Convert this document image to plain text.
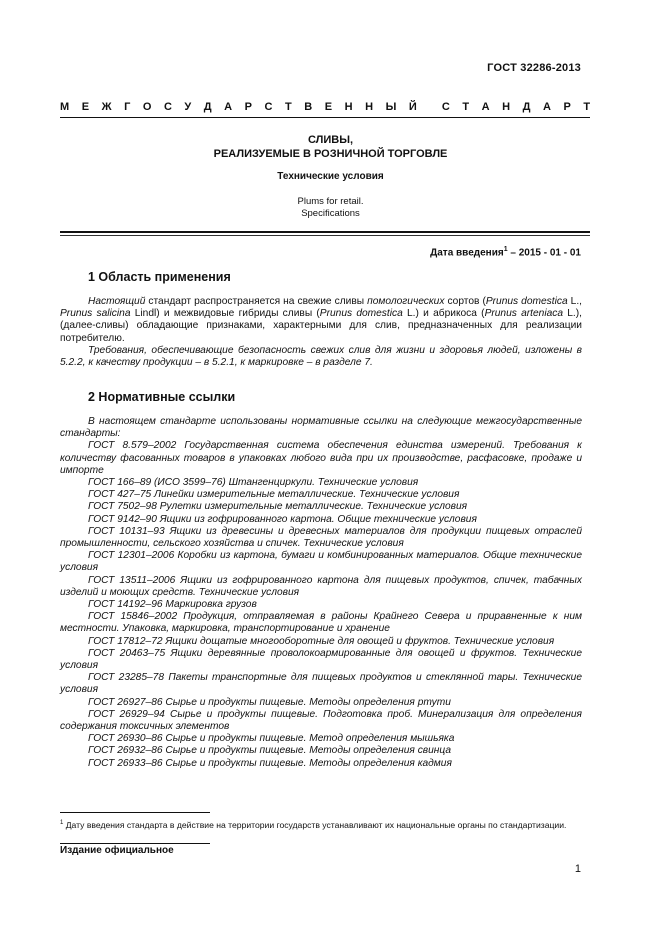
ГОСТ 32286-2013
М Е Ж Г О С У Д А Р С Т В Е Н Н Ы Й С Т А Н Д А Р Т
СЛИВЫ,
РЕАЛИЗУЕМЫЕ В РОЗНИЧНОЙ ТОРГОВЛЕ
Технические условия
Plums for retail.
Specifications
Дата введения$^1$ – 2015 - 01 - 01
1 Область применения

Настоящий стандарт распространяется на свежие сливы помологических сортов (Prunus domestica L., Prunus salicina Lindl) и межвидовые гибриды сливы (Prunus domestica L.) и абрикоса (Prunus arteniaca L.), (далее-сливы) обладающие признаками, характерными для слив, предназначенных для реализации потребителю.

Требования, обеспечивающие безопасность свежих слив для жизни и здоровья людей, изложены в 5.2.2, к качеству продукции – в 5.2.1, к маркировке – в разделе 7.

2 Нормативные ссылки

В настоящем стандарте использованы нормативные ссылки на следующие межгосударственные стандарты:

ГОСТ 8.579–2002 Государственная система обеспечения единства измерений. Требования к количеству фасованных товаров в упаковках любого вида при их производстве, расфасовке, продаже и импорте

ГОСТ 166–89 (ИСО 3599–76) Штангенциркули. Технические условия

ГОСТ 427–75 Линейки измерительные металлические. Технические условия

ГОСТ 7502–98 Рулетки измерительные металлические. Технические условия

ГОСТ 9142–90 Ящики из гофрированного картона. Общие технические условия

ГОСТ 10131–93 Ящики из древесины и древесных материалов для продукции пищевых отраслей промышленности, сельского хозяйства и спичек. Технические условия

ГОСТ 12301–2006 Коробки из картона, бумаги и комбинированных материалов. Общие технические условия

ГОСТ 13511–2006 Ящики из гофрированного картона для пищевых продуктов, спичек, табачных изделий и моющих средств. Технические условия

ГОСТ 14192–96 Маркировка грузов

ГОСТ 15846–2002 Продукция, отправляемая в районы Крайнего Севера и приравненные к ним местности. Упаковка, маркировка, транспортирование и хранение

ГОСТ 17812–72 Ящики дощатые многооборотные для овощей и фруктов. Технические условия

ГОСТ 20463–75 Ящики деревянные проволокоармированные для овощей и фруктов. Технические условия

ГОСТ 23285–78 Пакеты транспортные для пищевых продуктов и стеклянной тары. Технические условия

ГОСТ 26927–86 Сырье и продукты пищевые. Методы определения ртути

ГОСТ 26929–94 Сырье и продукты пищевые. Подготовка проб. Минерализация для определения содержания токсичных элементов

ГОСТ 26930–86 Сырье и продукты пищевые. Метод определения мышьяка

ГОСТ 26932–86 Сырье и продукты пищевые. Методы определения свинца

ГОСТ 26933–86 Сырье и продукты пищевые. Методы определения кадмия

$^1$ Дату введения стандарта в действие на территории государств устанавливают их национальные органы по стандартизации.
Издание официальное
1
